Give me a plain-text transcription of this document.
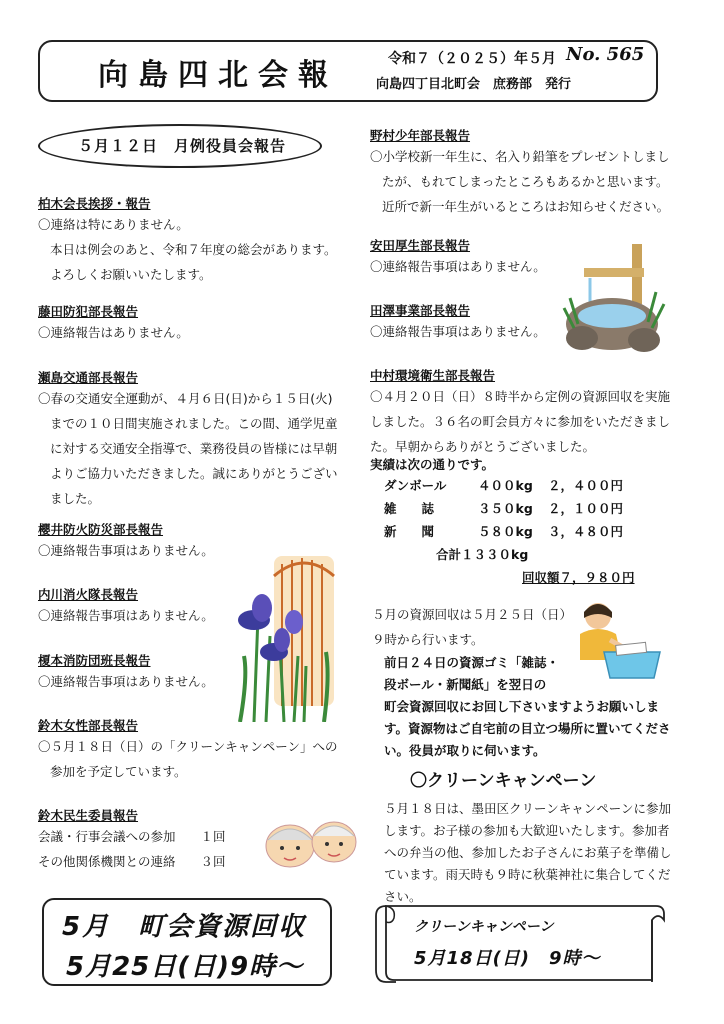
向島四北会報	令和７（２０２５）年５月 No. 565
向島四丁目北町会　庶務部　発行
５月１２日　月例役員会報告
柏木会長挨拶・報告
〇連絡は特にありません。
本日は例会のあと、令和７年度の総会があります。
よろしくお願いいたします。
藤田防犯部長報告
〇連絡報告はありません。
瀬島交通部長報告
〇春の交通安全運動が、４月６日(日)から１５日(火)
までの１０日間実施されました。この間、通学児童
に対する交通安全指導で、業務役員の皆様には早朝
よりご協力いただきました。誠にありがとうござい
ました。
櫻井防火防災部長報告
〇連絡報告事項はありません。
内川消火隊長報告
〇連絡報告事項はありません。
榎本消防団班長報告
〇連絡報告事項はありません。
鈴木女性部長報告
〇５月１８日（日）の「クリーンキャンペーン」への
参加を予定しています。
鈴木民生委員報告
会議・行事会議への参加　　１回
その他関係機関との連絡　　３回
野村少年部長報告
〇小学校新一年生に、名入り鉛筆をプレゼントしまし
たが、もれてしまったところもあるかと思います。
近所で新一年生がいるところはお知らせください。
安田厚生部長報告
〇連絡報告事項はありません。
田澤事業部長報告
〇連絡報告事項はありません。
中村環境衛生部長報告
〇４月２０日（日）８時半から定例の資源回収を実施
しました。３６名の町会員方々に参加をいただきまし
た。早朝からありがとうございました。
実績は次の通りです。
ダンボール	４００kg ２，４００円
雑　　誌	３５０kg ２，１００円
新　　聞	５８０kg ３，４８０円
合計１３３０kg
回収額７，９８０円
５月の資源回収は５月２５日（日）
９時から行います。
前日２４日の資源ゴミ「雑誌・
段ボール・新聞紙」を翌日の
町会資源回収にお回し下さいますようお願いしま
す。資源物はご自宅前の目立つ場所に置いてくださ
い。役員が取りに伺います。
〇クリーンキャンペーン
５月１８日は、墨田区クリーンキャンペーンに参加
します。お子様の参加も大歓迎いたします。参加者
への弁当の他、参加したお子さんにお菓子を準備し
ています。雨天時も９時に秋葉神社に集合してくだ
さい。
5月　町会資源回収
5月25日(日)9時～
クリーンキャンペーン
5月18日(日)　9時～
